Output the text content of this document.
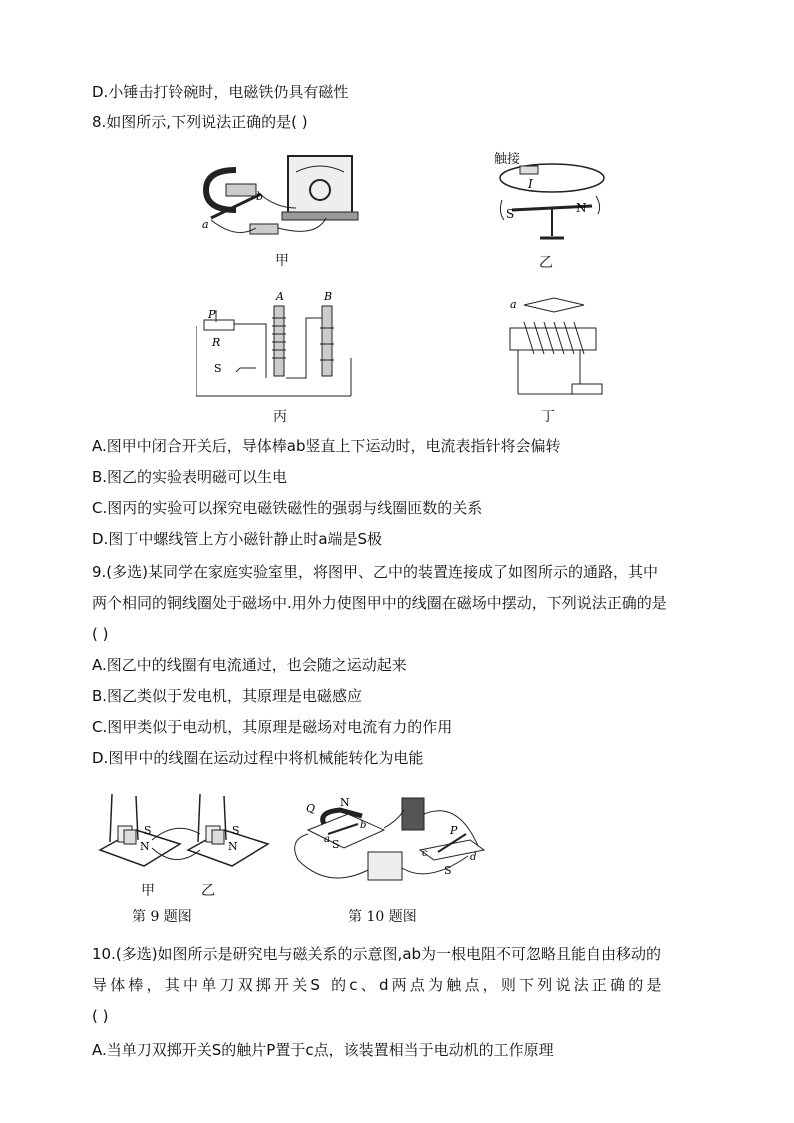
D.小锤击打铃碗时，电磁铁仍具有磁性
8.如图所示,下列说法正确的是( )
a
b
甲
I
S	N
触接
乙
P
R
S
A	B
丙
a
丁
A.图甲中闭合开关后，导体棒ab竖直上下运动时，电流表指针将会偏转
B.图乙的实验表明磁可以生电
C.图丙的实验可以探究电磁铁磁性的强弱与线圈匝数的关系
D.图丁中螺线管上方小磁针静止时a端是S极
9.(多选)某同学在家庭实验室里，将图甲、乙中的装置连接成了如图所示的通路，其中
两个相同的铜线圈处于磁场中.用外力使图甲中的线圈在磁场中摆动，下列说法正确的是
( )
A.图乙中的线圈有电流通过，也会随之运动起来
B.图乙类似于发电机，其原理是电磁感应
C.图甲类似于电动机，其原理是磁场对电流有力的作用
D.图甲中的线圈在运动过程中将机械能转化为电能
S
N
S
N
甲	乙
第 9 题图
Q N
S
a
b	P
c	d
S
第 10 题图
10.(多选)如图所示是研究电与磁关系的示意图,ab为一根电阻不可忽略且能自由移动的
导体棒，其中单刀双掷开关S 的c、d两点为触点，则下列说法正确的是
( )
A.当单刀双掷开关S的触片P置于c点，该装置相当于电动机的工作原理
